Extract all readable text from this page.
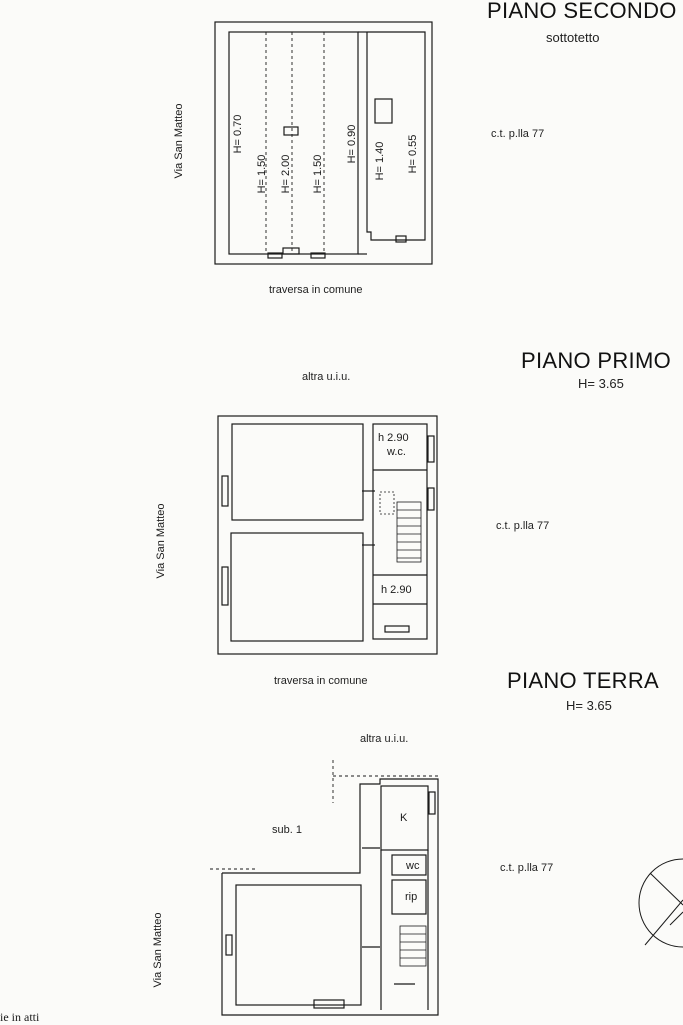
PIANO SECONDO
sottotetto
c.t. p.lla 77
traversa in comune
Via San Matteo	H= 0.70
H= 1.50 H= 2.00 H= 1.50
H= 0.90 H= 1.40 H= 0.55
PIANO PRIMO
H= 3.65
altra u.i.u.
c.t. p.lla 77
traversa in comune
Via San Matteo
h 2.90
w.c.
h 2.90
PIANO TERRA
H= 3.65
altra u.i.u.
c.t. p.lla 77
sub. 1
Via San Matteo
K
wc
rip
ie in atti
